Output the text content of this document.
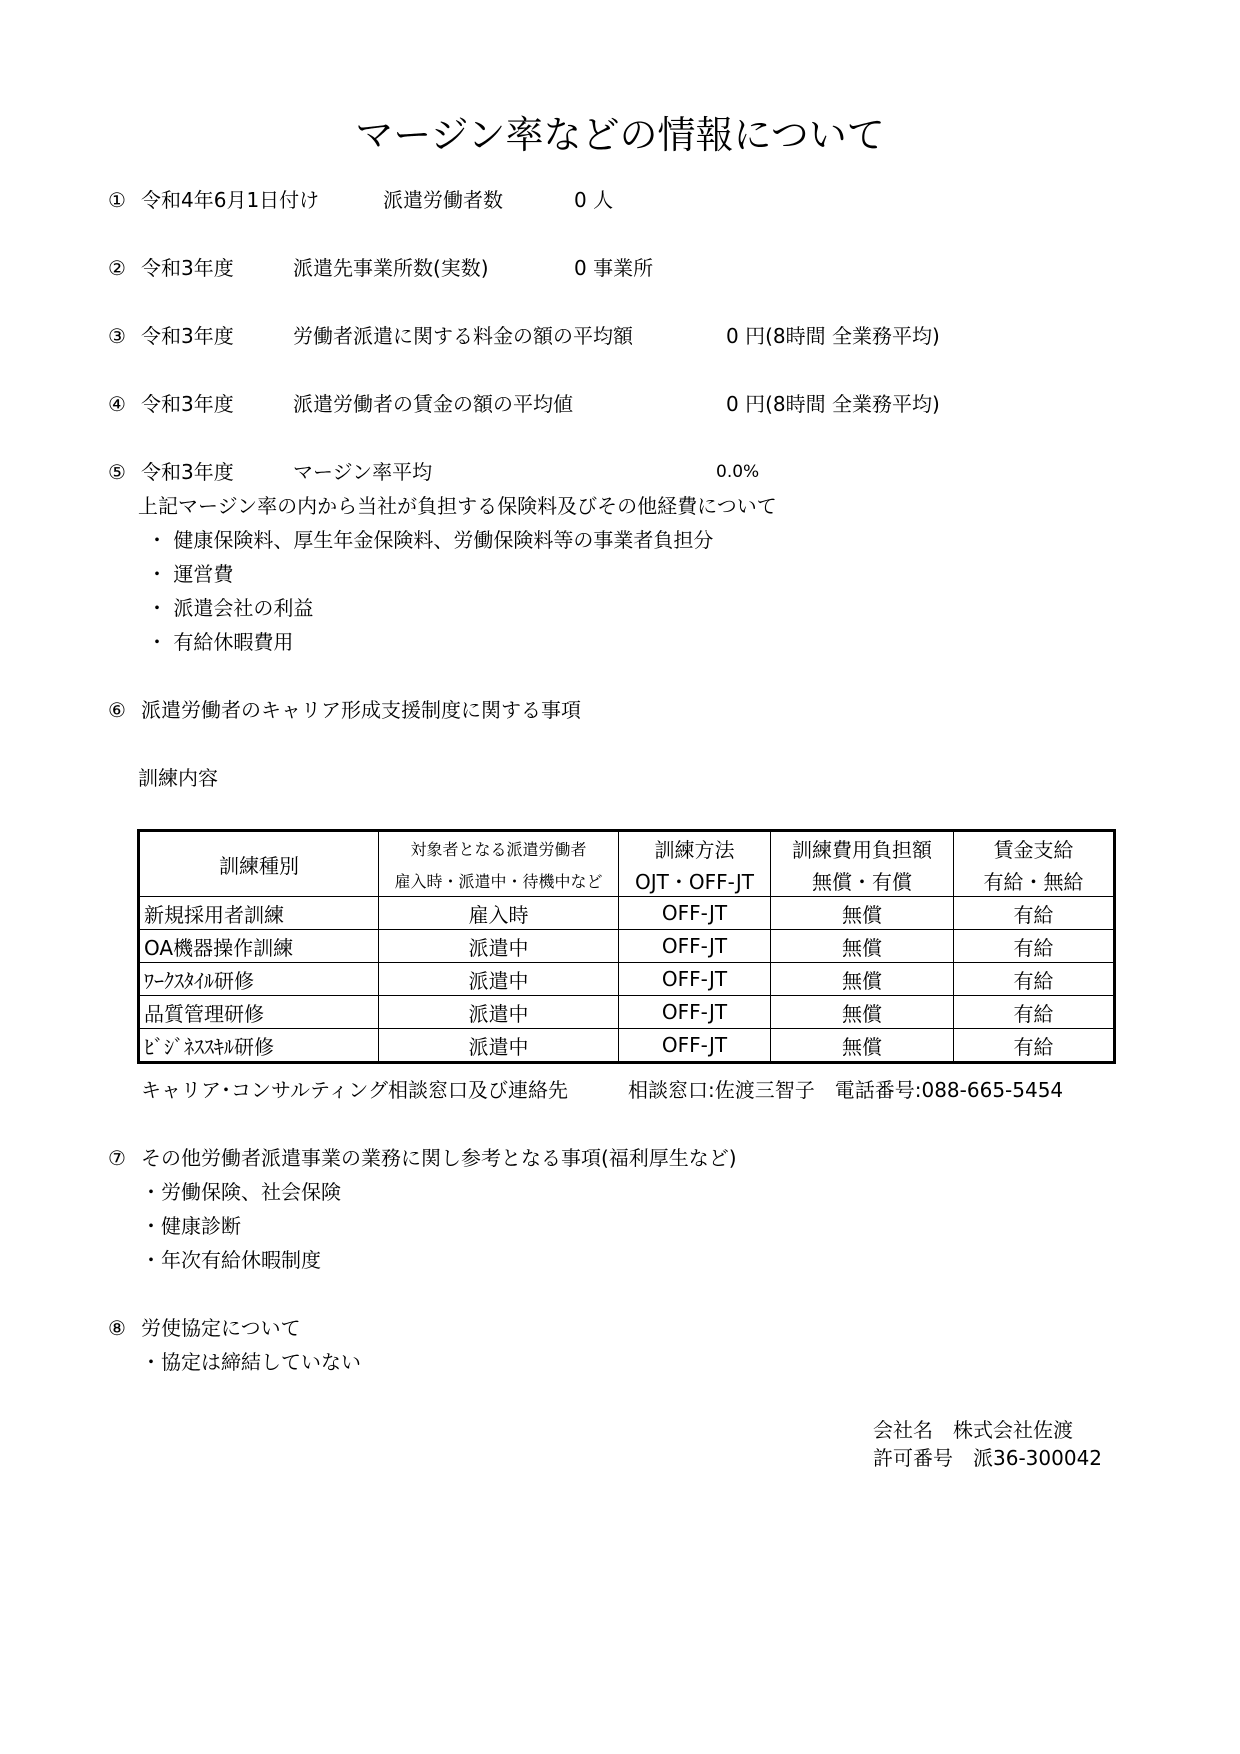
マージン率などの情報について
① 令和4年6月1日付け	派遣労働者数	0 人
② 令和3年度	派遣先事業所数(実数)	0 事業所
③ 令和3年度	労働者派遣に関する料金の額の平均額	0 円(8時間 全業務平均)
④ 令和3年度	派遣労働者の賃金の額の平均値	0 円(8時間 全業務平均)
⑤ 令和3年度	マージン率平均	0.0%
上記マージン率の内から当社が負担する保険料及びその他経費について
・ 健康保険料、厚生年金保険料、労働保険料等の事業者負担分
・ 運営費
・ 派遣会社の利益
・ 有給休暇費用
⑥ 派遣労働者のキャリア形成支援制度に関する事項
訓練内容
訓練種別	対象者となる派遣労働者	訓練方法	訓練費用負担額	賃金支給
	雇入時・派遣中・待機中など	OJT・OFF-JT	無償・有償	有給・無給
新規採用者訓練	雇入時	OFF-JT	無償	有給
OA機器操作訓練	派遣中	OFF-JT	無償	有給
ﾜｰｸｽﾀｲﾙ研修	派遣中	OFF-JT	無償	有給
品質管理研修	派遣中	OFF-JT	無償	有給
ﾋﾞｼﾞﾈｽｽｷﾙ研修	派遣中	OFF-JT	無償	有給
キャリア･コンサルティング相談窓口及び連絡先	相談窓口:佐渡三智子　電話番号:088-665-5454
⑦ その他労働者派遣事業の業務に関し参考となる事項(福利厚生など)
・労働保険、社会保険
・健康診断
・年次有給休暇制度
⑧ 労使協定について
・協定は締結していない
会社名　株式会社佐渡
許可番号　派36-300042
